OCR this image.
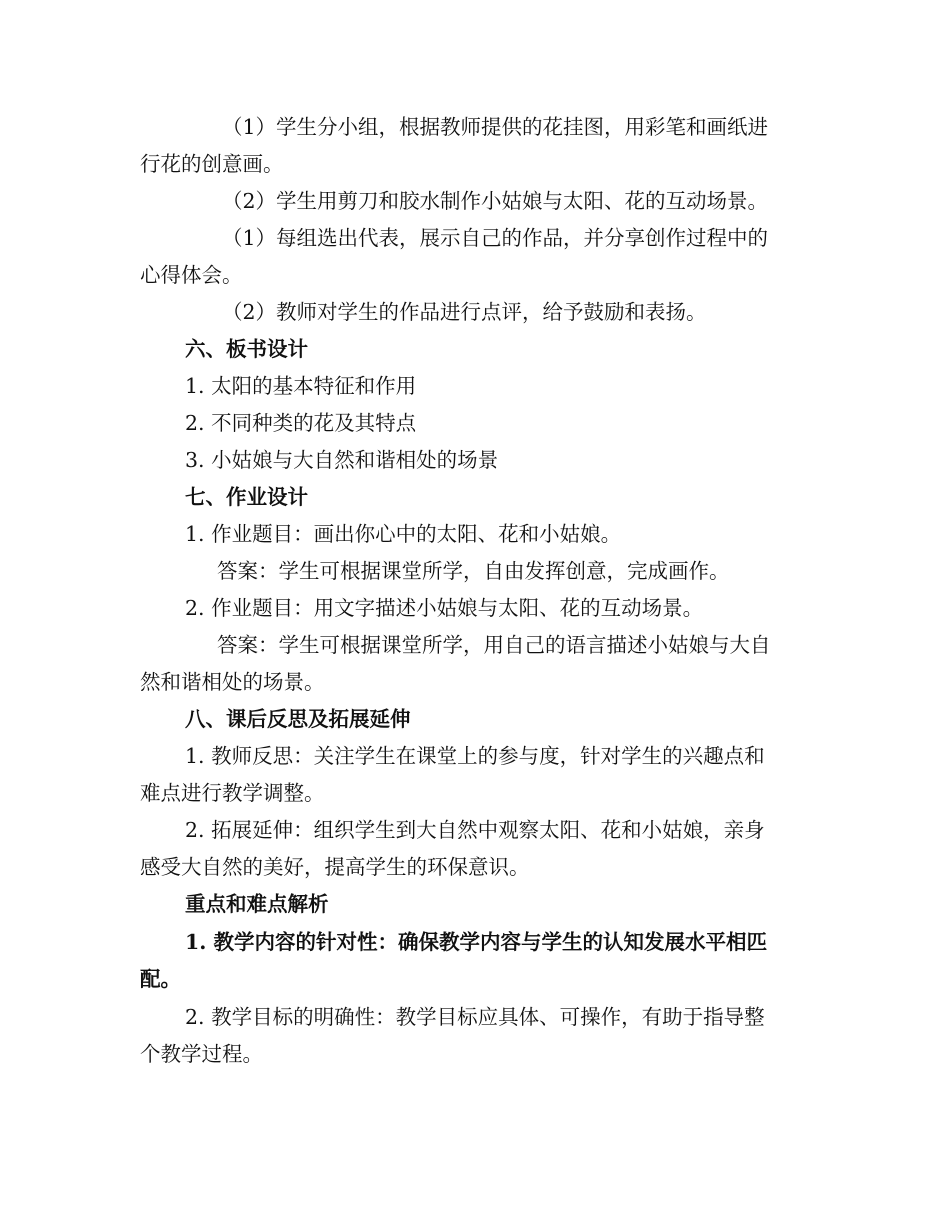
（1）学生分小组，根据教师提供的花挂图，用彩笔和画纸进
行花的创意画。
（2）学生用剪刀和胶水制作小姑娘与太阳、花的互动场景。
（1）每组选出代表，展示自己的作品，并分享创作过程中的
心得体会。
（2）教师对学生的作品进行点评，给予鼓励和表扬。
六、板书设计
1. 太阳的基本特征和作用
2. 不同种类的花及其特点
3. 小姑娘与大自然和谐相处的场景
七、作业设计
1. 作业题目：画出你心中的太阳、花和小姑娘。
答案：学生可根据课堂所学，自由发挥创意，完成画作。
2. 作业题目：用文字描述小姑娘与太阳、花的互动场景。
答案：学生可根据课堂所学，用自己的语言描述小姑娘与大自
然和谐相处的场景。
八、课后反思及拓展延伸
1. 教师反思：关注学生在课堂上的参与度，针对学生的兴趣点和
难点进行教学调整。
2. 拓展延伸：组织学生到大自然中观察太阳、花和小姑娘，亲身
感受大自然的美好，提高学生的环保意识。
重点和难点解析
1. 教学内容的针对性：确保教学内容与学生的认知发展水平相匹
配。
2. 教学目标的明确性：教学目标应具体、可操作，有助于指导整
个教学过程。
